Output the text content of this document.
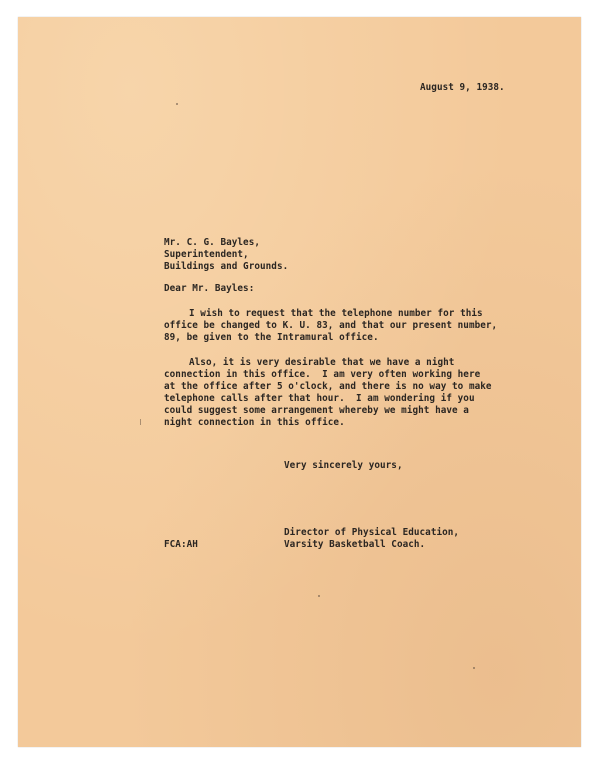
August 9, 1938.
Mr. C. G. Bayles,
Superintendent,
Buildings and Grounds.
Dear Mr. Bayles:
I wish to request that the telephone number for this
office be changed to K. U. 83, and that our present number,
89, be given to the Intramural office.
Also, it is very desirable that we have a night
connection in this office.  I am very often working here
at the office after 5 o'clock, and there is no way to make
telephone calls after that hour.  I am wondering if you
could suggest some arrangement whereby we might have a
night connection in this office.
Very sincerely yours,
Director of Physical Education,
Varsity Basketball Coach.
FCA:AH
